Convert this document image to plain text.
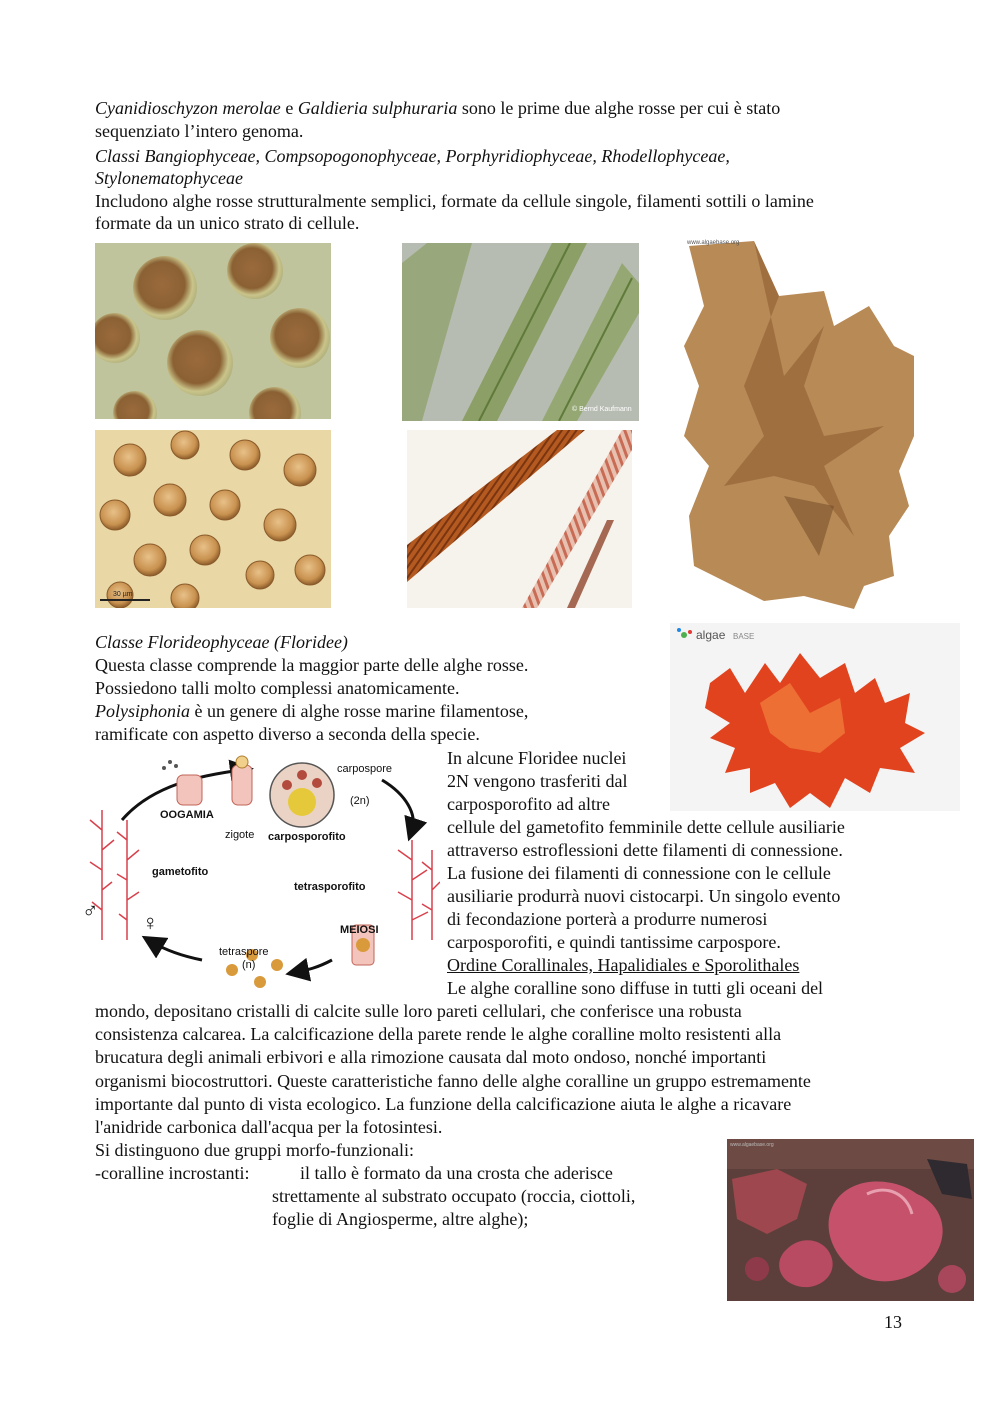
Cyanidioschyzon merolae e Galdieria sulphuraria sono le prime due alghe rosse per cui è stato
sequenziato l’intero genoma.
Classi Bangiophyceae, Compsopogonophyceae, Porphyridiophyceae, Rhodellophyceae,
Stylonematophyceae
Includono alghe rosse strutturalmente semplici, formate da cellule singole, filamenti sottili o lamine
formate da un unico strato di cellule.
© Bernd Kaufmann
www.algaebase.org
30 µm
Classe Florideophyceae (Floridee)
Questa classe comprende la maggior parte delle alghe rosse.
Possiedono talli molto complessi anatomicamente.
Polysiphonia è un genere di alghe rosse marine filamentose,
ramificate con aspetto diverso a seconda della specie.
algae BASE
OOGAMIA
zigote
carpospore
(2n)
carposporofito
gametofito
tetrasporofito
MEIOSI
tetraspore
(n)
♂ ♀
In alcune Floridee nuclei
2N vengono trasferiti dal
carposporofito ad altre
cellule del gametofito femminile dette cellule ausiliarie
attraverso estroflessioni dette filamenti di connessione.
La fusione dei filamenti di connessione con le cellule
ausiliarie produrrà nuovi cistocarpi. Un singolo evento
di fecondazione porterà a produrre numerosi
carposporofiti, e quindi tantissime carpospore.
Ordine Corallinales, Hapalidiales e Sporolithales
Le alghe coralline sono diffuse in tutti gli oceani del
mondo, depositano cristalli di calcite sulle loro pareti cellulari, che conferisce una robusta
consistenza calcarea. La calcificazione della parete rende le alghe coralline molto resistenti alla
brucatura degli animali erbivori e alla rimozione causata dal moto ondoso, nonché importanti
organismi biocostruttori. Queste caratteristiche fanno delle alghe coralline un gruppo estremamente
importante dal punto di vista ecologico. La funzione della calcificazione aiuta le alghe a ricavare
l'anidride carbonica dall'acqua per la fotosintesi.
Si distinguono due gruppi morfo-funzionali:
-coralline incrostanti:	il tallo è formato da una crosta che aderisce
strettamente al substrato occupato (roccia, ciottoli,
foglie di Angiosperme, altre alghe);
www.algaebase.org
13
